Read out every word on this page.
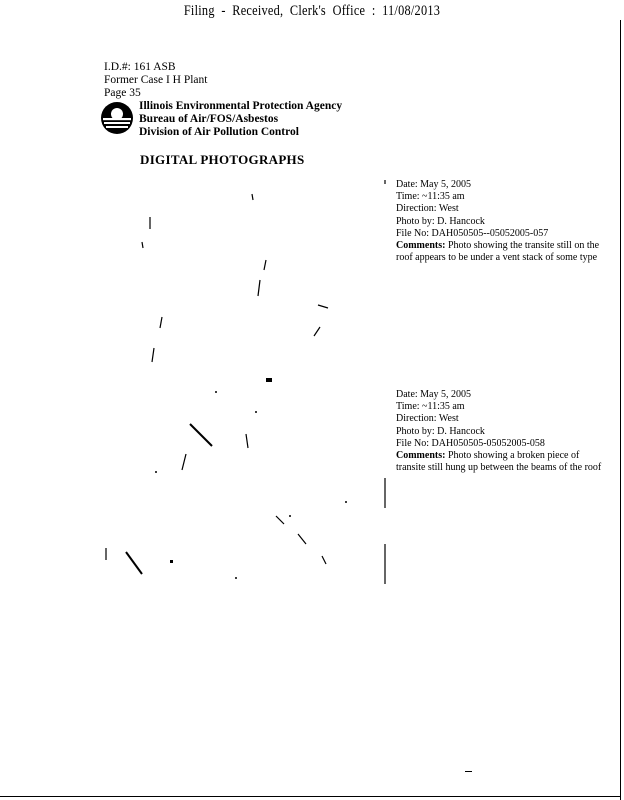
Filing - Received, Clerk's Office : 11/08/2013
I.D.#: 161 ASB
Former Case I H Plant
Page 35
Illinois Environmental Protection Agency
Bureau of Air/FOS/Asbestos
Division of Air Pollution Control
DIGITAL PHOTOGRAPHS
Date: May 5, 2005
Time: ~11:35 am
Direction: West
Photo by: D. Hancock
File No: DAH050505--05052005-057
Comments: Photo showing the transite still on the roof appears to be under a vent stack of some type
Date: May 5, 2005
Time: ~11:35 am
Direction: West
Photo by: D. Hancock
File No: DAH050505-05052005-058
Comments: Photo showing a broken piece of transite still hung up between the beams of the roof
